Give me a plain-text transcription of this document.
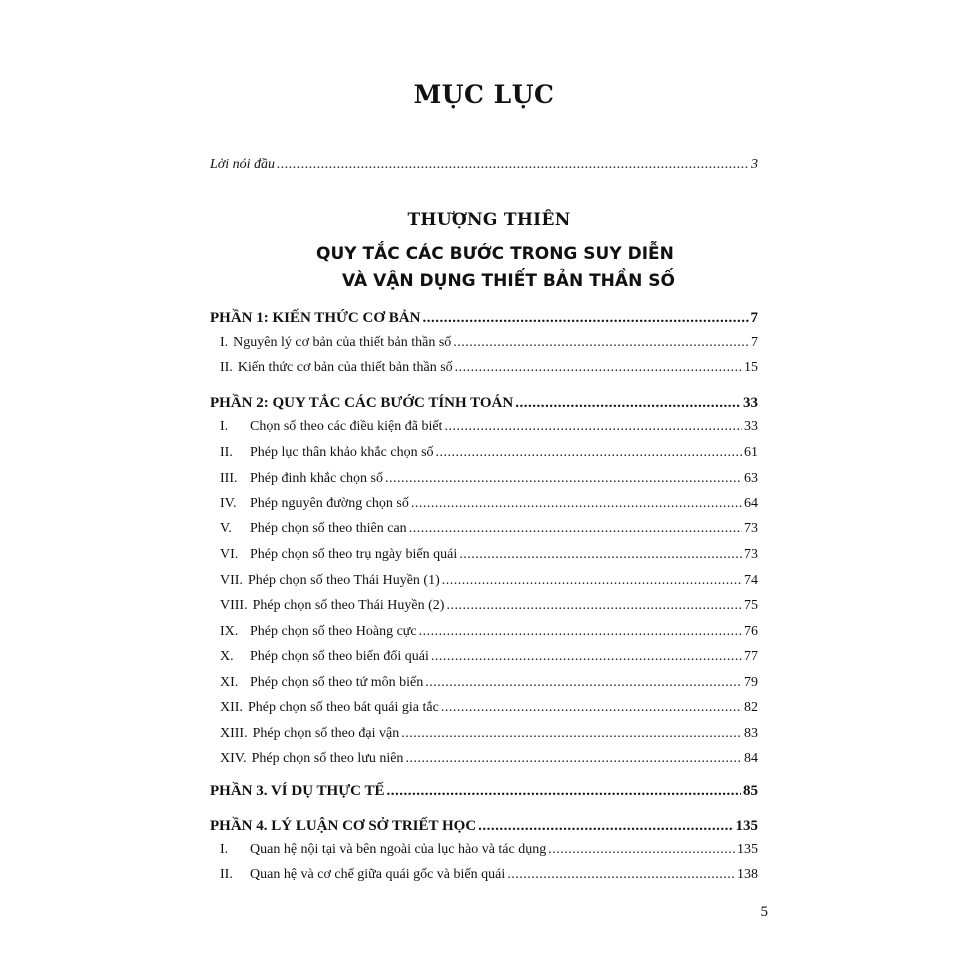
MỤC LỤC
Lời nói đầu .....	3
THƯỢNG THIÊN
QUY TẮC CÁC BƯỚC TRONG SUY DIỄN
VÀ VẬN DỤNG THIẾT BẢN THẦN SỐ
PHẦN 1: KIẾN THỨC CƠ BẢN .....	7
I. Nguyên lý cơ bản của thiết bản thần số .....	7
II. Kiến thức cơ bản của thiết bản thần số .....	15
PHẦN 2: QUY TẮC CÁC BƯỚC TÍNH TOÁN .....	33
I. Chọn số theo các điều kiện đã biết .....	33
II. Phép lục thân khảo khắc chọn số .....	61
III. Phép đinh khắc chọn số .....	63
IV. Phép nguyên đường chọn số .....	64
V. Phép chọn số theo thiên can .....	73
VI. Phép chọn số theo trụ ngày biến quái .....	73
VII. Phép chọn số theo Thái Huyền (1) .....	74
VIII. Phép chọn số theo Thái Huyền (2) .....	75
IX. Phép chọn số theo Hoàng cực .....	76
X. Phép chọn số theo biến đổi quái .....	77
XI. Phép chọn số theo tứ môn biến .....	79
XII. Phép chọn số theo bát quái gia tắc .....	82
XIII. Phép chọn số theo đại vận .....	83
XIV. Phép chọn số theo lưu niên .....	84
PHẦN 3. VÍ DỤ THỰC TẾ .....	85
PHẦN 4. LÝ LUẬN CƠ SỞ TRIẾT HỌC .....	135
I. Quan hệ nội tại và bên ngoài của lục hào và tác dụng .....	135
II. Quan hệ và cơ chế giữa quái gốc và biến quái .....	138
5
